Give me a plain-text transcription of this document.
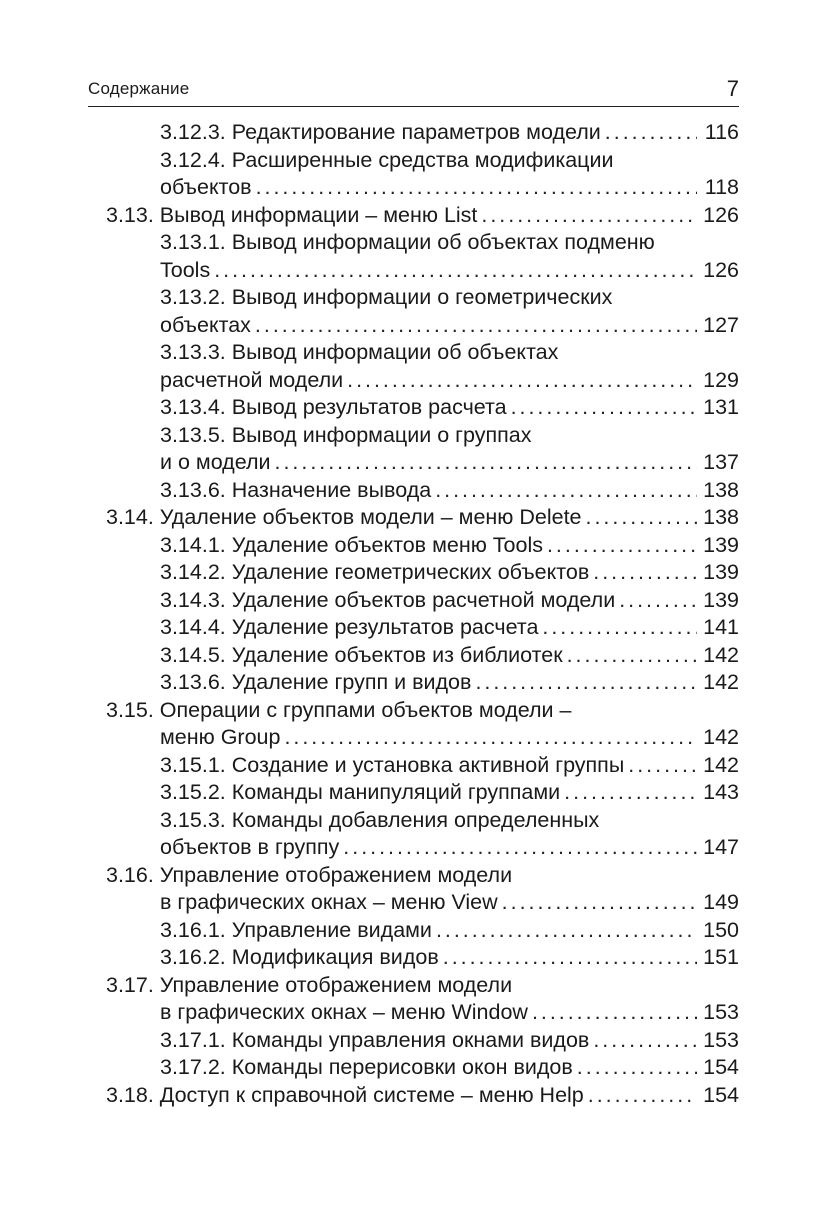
Содержание	7
3.12.3. Редактирование параметров модели . . .	116
3.12.4. Расширенные средства модификации
объектов . . .	118
3.13. Вывод информации – меню List . . .	126
3.13.1. Вывод информации об объектах подменю
Tools . . .	126
3.13.2. Вывод информации о геометрических
объектах . . .	127
3.13.3. Вывод информации об объектах
расчетной модели . . .	129
3.13.4. Вывод результатов расчета . . .	131
3.13.5. Вывод информации о группах
и о модели . . .	137
3.13.6. Назначение вывода . . .	138
3.14. Удаление объектов модели – меню Delete . . .	138
3.14.1. Удаление объектов меню Tools . . .	139
3.14.2. Удаление геометрических объектов . . .	139
3.14.3. Удаление объектов расчетной модели . . .	139
3.14.4. Удаление результатов расчета . . .	141
3.14.5. Удаление объектов из библиотек . . .	142
3.13.6. Удаление групп и видов . . .	142
3.15. Операции с группами объектов модели –
меню Group . . .	142
3.15.1. Создание и установка активной группы . . .	142
3.15.2. Команды манипуляций группами . . .	143
3.15.3. Команды добавления определенных
объектов в группу . . .	147
3.16. Управление отображением модели
в графических окнах – меню View . . .	149
3.16.1. Управление видами . . .	150
3.16.2. Модификация видов . . .	151
3.17. Управление отображением модели
в графических окнах – меню Window . . .	153
3.17.1. Команды управления окнами видов . . .	153
3.17.2. Команды перерисовки окон видов . . .	154
3.18. Доступ к справочной системе – меню Help . . .	154
